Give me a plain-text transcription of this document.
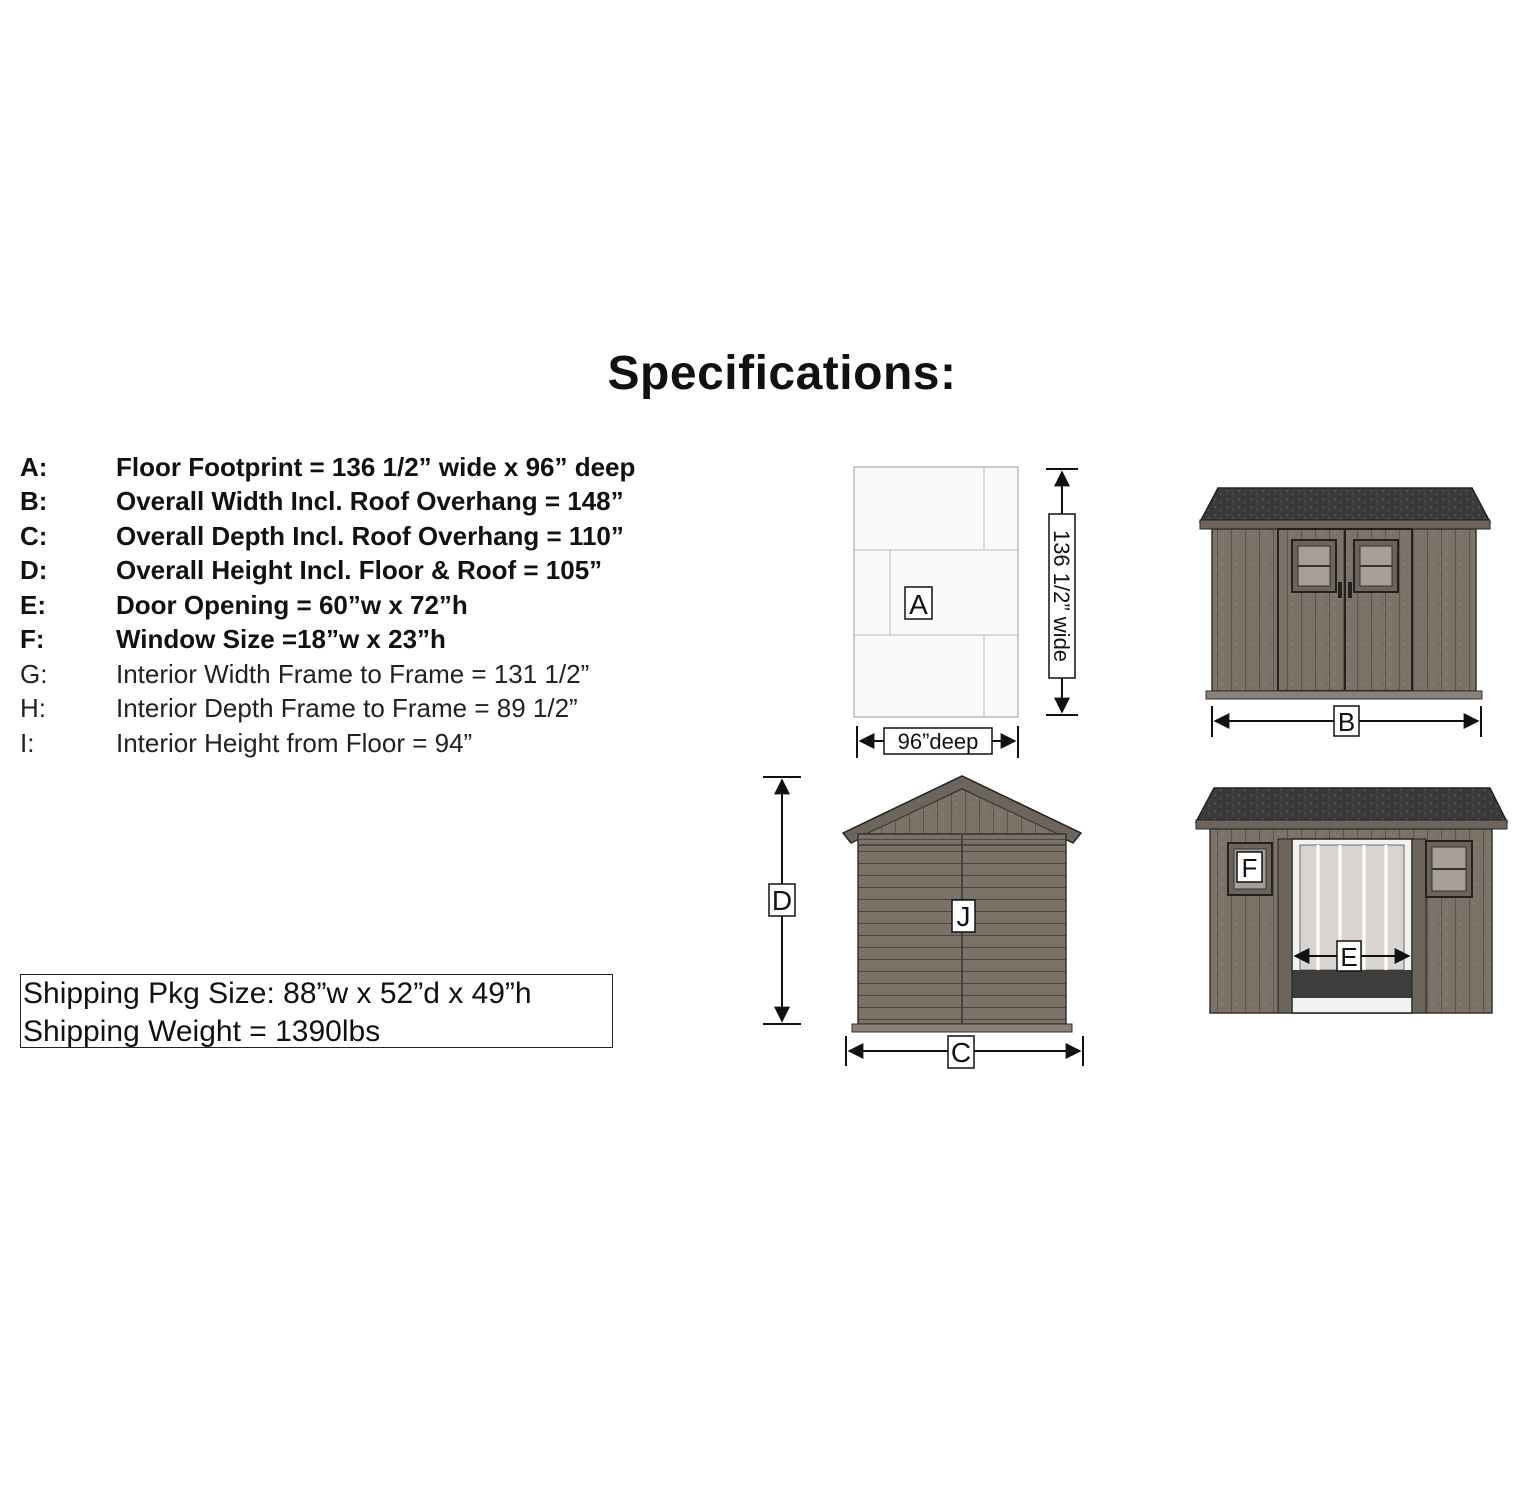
Specifications:
A:	Floor Footprint = 136 1/2” wide x 96” deep
B:	Overall Width Incl. Roof Overhang = 148”
C:	Overall Depth Incl. Roof Overhang = 110”
D:	Overall Height Incl. Floor & Roof = 105”
E:	Door Opening = 60”w x 72”h
F:	Window Size =18”w x 23”h
G:	Interior Width Frame to Frame = 131 1/2”
H:	Interior Depth Frame to Frame = 89 1/2”
I:	Interior Height from Floor = 94”
Shipping Pkg Size: 88”w x 52”d x 49”h
Shipping Weight = 1390lbs
A	136 1/2” wide
96”deep
B
J
D
C
F
E
